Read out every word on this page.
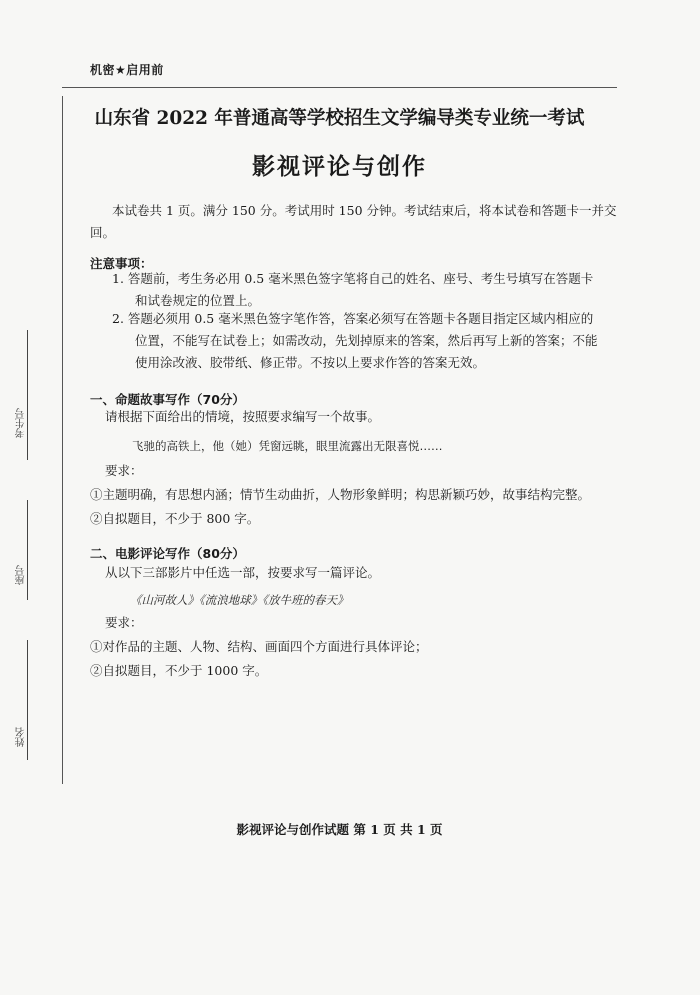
考生号
座号
姓名
机密★启用前
山东省 2022 年普通高等学校招生文学编导类专业统一考试
影视评论与创作
本试卷共 1 页。满分 150 分。考试用时 150 分钟。考试结束后，将本试卷和答题卡一并交
回。
注意事项：
1. 答题前，考生务必用 0.5 毫米黑色签字笔将自己的姓名、座号、考生号填写在答题卡
和试卷规定的位置上。
2. 答题必须用 0.5 毫米黑色签字笔作答，答案必须写在答题卡各题目指定区域内相应的
位置，不能写在试卷上；如需改动，先划掉原来的答案，然后再写上新的答案；不能
使用涂改液、胶带纸、修正带。不按以上要求作答的答案无效。
一、命题故事写作（70分）
请根据下面给出的情境，按照要求编写一个故事。
飞驰的高铁上，他（她）凭窗远眺，眼里流露出无限喜悦……
要求：
①主题明确，有思想内涵；情节生动曲折，人物形象鲜明；构思新颖巧妙，故事结构完整。
②自拟题目，不少于 800 字。
二、电影评论写作（80分）
从以下三部影片中任选一部，按要求写一篇评论。
《山河故人》《流浪地球》《放牛班的春天》
要求：
①对作品的主题、人物、结构、画面四个方面进行具体评论；
②自拟题目，不少于 1000 字。
影视评论与创作试题 第 1 页 共 1 页
